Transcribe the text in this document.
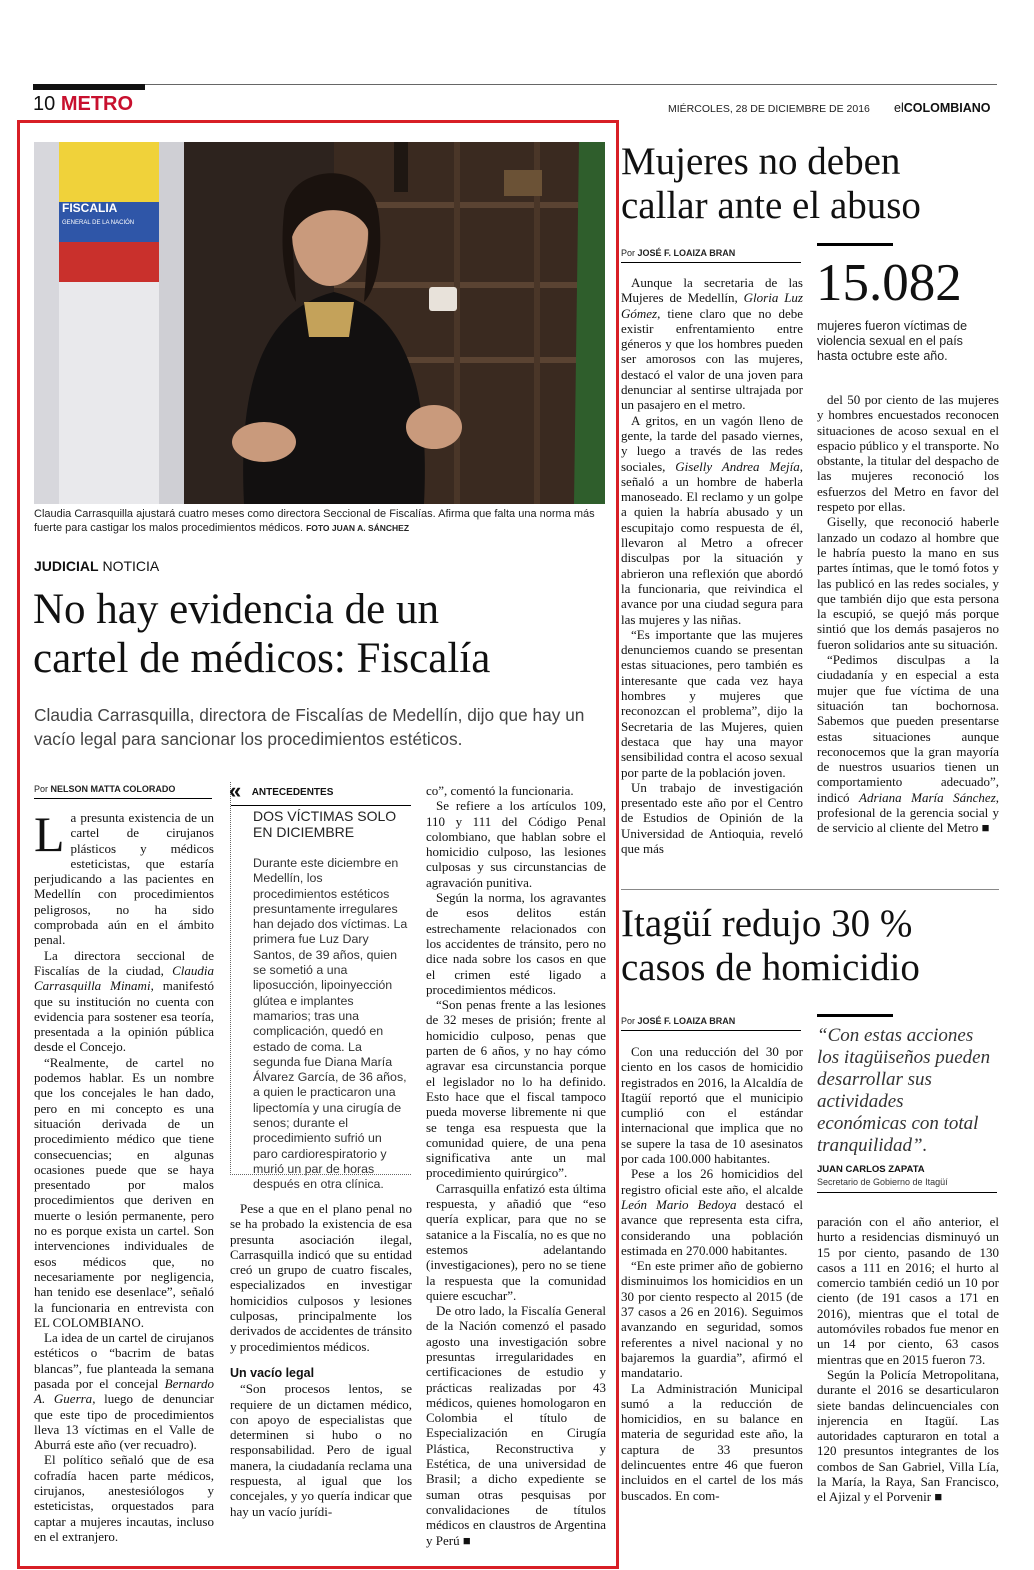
10 METRO	MIÉRCOLES, 28 DE DICIEMBRE DE 2016 elCOLOMBIANO
FISCALIA
GENERAL DE LA NACIÓN
Claudia Carrasquilla ajustará cuatro meses como directora Seccional de Fiscalías. Afirma que falta una norma más fuerte para castigar los malos procedimientos médicos. FOTO JUAN A. SÁNCHEZ
JUDICIAL NOTICIA
No hay evidencia de un
cartel de médicos: Fiscalía
Claudia Carrasquilla, directora de Fiscalías de Medellín, dijo que hay un vacío legal para sancionar los procedimientos estéticos.
Por NELSON MATTA COLORADO

La presunta existencia de un cartel de cirujanos plásticos y médicos esteticistas, que estaría perjudicando a las pacientes en Medellín con procedimientos peligrosos, no ha sido comprobada aún en el ámbito penal.

La directora seccional de Fiscalías de la ciudad, Claudia Carrasquilla Minami, manifestó que su institución no cuenta con evidencia para sostener esa teoría, presentada a la opinión pública desde el Concejo.

“Realmente, de cartel no podemos hablar. Es un nombre que los concejales le han dado, pero en mi concepto es una situación derivada de un procedimiento médico que tiene consecuencias; en algunas ocasiones puede que se haya presentado por malos procedimientos que deriven en muerte o lesión permanente, pero no es porque exista un cartel. Son intervenciones individuales de esos médicos que, no necesariamente por negligencia, han tenido ese desenlace”, señaló la funcionaria en entrevista con EL COLOMBIANO.

La idea de un cartel de cirujanos estéticos o “bacrim de batas blancas”, fue planteada la semana pasada por el concejal Bernardo A. Guerra, luego de denunciar que este tipo de procedimientos lleva 13 víctimas en el Valle de Aburrá este año (ver recuadro).

El político señaló que de esa cofradía hacen parte médicos, cirujanos, anestesiólogos y esteticistas, orquestados para captar a mujeres incautas, incluso en el extranjero.

« ANTECEDENTES
DOS VÍCTIMAS SOLO
EN DICIEMBRE
Durante este diciembre en Medellín, los procedimientos estéticos presuntamente irregulares han dejado dos víctimas. La primera fue Luz Dary Santos, de 39 años, quien se sometió a una liposucción, lipoinyección glútea e implantes mamarios; tras una complicación, quedó en estado de coma. La segunda fue Diana María Álvarez García, de 36 años, a quien le practicaron una lipectomía y una cirugía de senos; durante el procedimiento sufrió un paro cardiorespiratorio y murió un par de horas después en otra clínica.

Pese a que en el plano penal no se ha probado la existencia de esa presunta asociación ilegal, Carrasquilla indicó que su entidad creó un grupo de cuatro fiscales, especializados en investigar homicidios culposos y lesiones culposas, principalmente los derivados de accidentes de tránsito y procedimientos médicos.

Un vacío legal

“Son procesos lentos, se requiere de un dictamen médico, con apoyo de especialistas que determinen si hubo o no responsabilidad. Pero de igual manera, la ciudadanía reclama una respuesta, al igual que los concejales, y yo quería indicar que hay un vacío jurídi-

co”, comentó la funcionaria.

Se refiere a los artículos 109, 110 y 111 del Código Penal colombiano, que hablan sobre el homicidio culposo, las lesiones culposas y sus circunstancias de agravación punitiva.

Según la norma, los agravantes de esos delitos están estrechamente relacionados con los accidentes de tránsito, pero no dice nada sobre los casos en que el crimen esté ligado a procedimientos médicos.

“Son penas frente a las lesiones de 32 meses de prisión; frente al homicidio culposo, penas que parten de 6 años, y no hay cómo agravar esa circunstancia porque el legislador no lo ha definido. Esto hace que el fiscal tampoco pueda moverse libremente ni que se tenga esa respuesta que la comunidad quiere, de una pena significativa ante un mal procedimiento quirúrgico”.

Carrasquilla enfatizó esta última respuesta, y añadió que “eso quería explicar, para que no se satanice a la Fiscalía, no es que no estemos adelantando (investigaciones), pero no se tiene la respuesta que la comunidad quiere escuchar”.

De otro lado, la Fiscalía General de la Nación comenzó el pasado agosto una investigación sobre presuntas irregularidades en certificaciones de estudio y prácticas realizadas por 43 médicos, quienes homologaron en Colombia el título de Especialización en Cirugía Plástica, Reconstructiva y Estética, de una universidad de Brasil; a dicho expediente se suman otras pesquisas por convalidaciones de títulos médicos en claustros de Argentina y Perú ■

Mujeres no deben
callar ante el abuso
Por JOSÉ F. LOAIZA BRAN
15.082
mujeres fueron víctimas de violencia sexual en el país hasta octubre este año.

Aunque la secretaria de las Mujeres de Medellín, Gloria Luz Gómez, tiene claro que no debe existir enfrentamiento entre géneros y que los hombres pueden ser amorosos con las mujeres, destacó el valor de una joven para denunciar al sentirse ultrajada por un pasajero en el metro.

A gritos, en un vagón lleno de gente, la tarde del pasado viernes, y luego a través de las redes sociales, Giselly Andrea Mejía, señaló a un hombre de haberla manoseado. El reclamo y un golpe a quien la habría abusado y un escupitajo como respuesta de él, llevaron al Metro a ofrecer disculpas por la situación y abrieron una reflexión que abordó la funcionaria, que reivindica el avance por una ciudad segura para las mujeres y las niñas.

“Es importante que las mujeres denunciemos cuando se presentan estas situaciones, pero también es interesante que cada vez haya hombres y mujeres que reconozcan el problema”, dijo la Secretaria de las Mujeres, quien destaca que hay una mayor sensibilidad contra el acoso sexual por parte de la población joven.

Un trabajo de investigación presentado este año por el Centro de Estudios de Opinión de la Universidad de Antioquia, reveló que más

del 50 por ciento de las mujeres y hombres encuestados reconocen situaciones de acoso sexual en el espacio público y el transporte. No obstante, la titular del despacho de las mujeres reconoció los esfuerzos del Metro en favor del respeto por ellas.

Giselly, que reconoció haberle lanzado un codazo al hombre que le habría puesto la mano en sus partes íntimas, que le tomó fotos y las publicó en las redes sociales, y que también dijo que esta persona la escupió, se quejó más porque sintió que los demás pasajeros no fueron solidarios ante su situación.

“Pedimos disculpas a la ciudadanía y en especial a esta mujer que fue víctima de una situación tan bochornosa. Sabemos que pueden presentarse estas situaciones aunque reconocemos que la gran mayoría de nuestros usuarios tienen un comportamiento adecuado”, indicó Adriana María Sánchez, profesional de la gerencia social y de servicio al cliente del Metro ■

Itagüí redujo 30 %
casos de homicidio
Por JOSÉ F. LOAIZA BRAN
“Con estas acciones los itagüiseños pueden desarrollar sus actividades económicas con total tranquilidad”.
JUAN CARLOS ZAPATA
Secretario de Gobierno de Itagüí

Con una reducción del 30 por ciento en los casos de homicidio registrados en 2016, la Alcaldía de Itagüí reportó que el municipio cumplió con el estándar internacional que implica que no se supere la tasa de 10 asesinatos por cada 100.000 habitantes.

Pese a los 26 homicidios del registro oficial este año, el alcalde León Mario Bedoya destacó el avance que representa esta cifra, considerando una población estimada en 270.000 habitantes.

“En este primer año de gobierno disminuimos los homicidios en un 30 por ciento respecto al 2015 (de 37 casos a 26 en 2016). Seguimos avanzando en seguridad, somos referentes a nivel nacional y no bajaremos la guardia”, afirmó el mandatario.

La Administración Municipal sumó a la reducción de homicidios, en su balance en materia de seguridad este año, la captura de 33 presuntos delincuentes entre 46 que fueron incluidos en el cartel de los más buscados. En com-

paración con el año anterior, el hurto a residencias disminuyó un 15 por ciento, pasando de 130 casos a 111 en 2016; el hurto al comercio también cedió un 10 por ciento (de 191 casos a 171 en 2016), mientras que el total de automóviles robados fue menor en un 14 por ciento, 63 casos mientras que en 2015 fueron 73.

Según la Policía Metropolitana, durante el 2016 se desarticularon siete bandas delincuenciales con injerencia en Itagüí. Las autoridades capturaron en total a 120 presuntos integrantes de los combos de San Gabriel, Villa Lía, la María, la Raya, San Francisco, el Ajizal y el Porvenir ■
